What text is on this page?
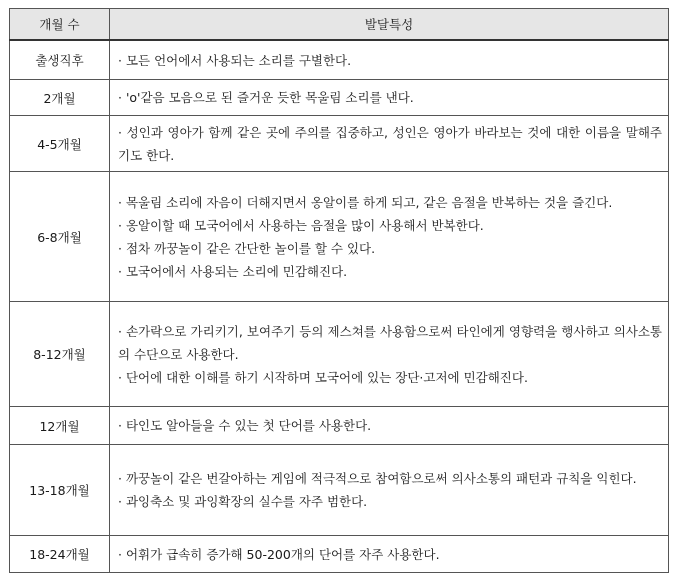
개월 수	발달특성
출생직후	· 모든 언어에서 사용되는 소리를 구별한다.

2개월	· 'o'같음 모음으로 된 즐거운 듯한 목울림 소리를 낸다.

4-5개월	· 성인과 영아가 함께 같은 곳에 주의를 집중하고, 성인은 영아가 바라보는 것에 대한 이름을 말해주기도 한다.

6-8개월	· 목울림 소리에 자음이 더해지면서 옹알이를 하게 되고, 같은 음절을 반복하는 것을 즐긴다.
· 옹알이할 때 모국어에서 사용하는 음절을 많이 사용해서 반복한다.
· 점차 까꿍놀이 같은 간단한 놀이를 할 수 있다.
· 모국어에서 사용되는 소리에 민감해진다.

8-12개월	· 손가락으로 가리키기, 보여주기 등의 제스쳐를 사용함으로써 타인에게 영향력을 행사하고 의사소통의 수단으로 사용한다.
· 단어에 대한 이해를 하기 시작하며 모국어에 있는 장단·고저에 민감해진다.

12개월	· 타인도 알아들을 수 있는 첫 단어를 사용한다.

13-18개월	· 까꿍놀이 같은 번갈아하는 게임에 적극적으로 참여함으로써 의사소통의 패턴과 규칙을 익힌다.
· 과잉축소 및 과잉확장의 실수를 자주 범한다.

18-24개월	· 어휘가 급속히 증가해 50-200개의 단어를 자주 사용한다.
